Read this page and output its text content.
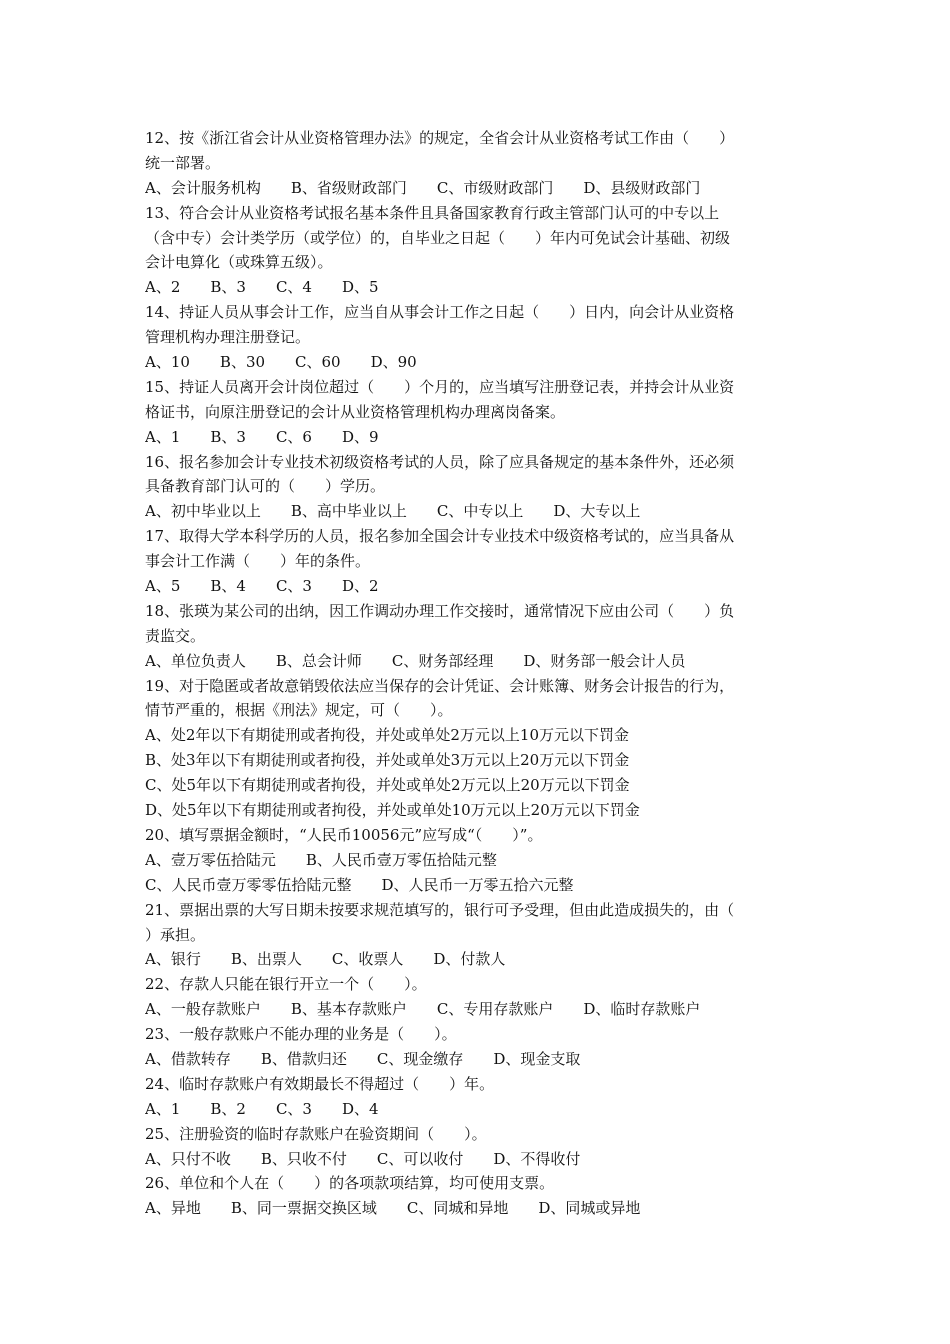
12、按《浙江省会计从业资格管理办法》的规定，全省会计从业资格考试工作由（　　）
统一部署。
A、会计服务机构　　B、省级财政部门　　C、市级财政部门　　D、县级财政部门
13、符合会计从业资格考试报名基本条件且具备国家教育行政主管部门认可的中专以上
（含中专）会计类学历（或学位）的，自毕业之日起（　　）年内可免试会计基础、初级
会计电算化（或珠算五级）。
A、2　　B、3　　C、4　　D、5
14、持证人员从事会计工作，应当自从事会计工作之日起（　　）日内，向会计从业资格
管理机构办理注册登记。
A、10　　B、30　　C、60　　D、90
15、持证人员离开会计岗位超过（　　）个月的，应当填写注册登记表，并持会计从业资
格证书，向原注册登记的会计从业资格管理机构办理离岗备案。
A、1　　B、3　　C、6　　D、9
16、报名参加会计专业技术初级资格考试的人员，除了应具备规定的基本条件外，还必须
具备教育部门认可的（　　）学历。
A、初中毕业以上　　B、高中毕业以上　　C、中专以上　　D、大专以上
17、取得大学本科学历的人员，报名参加全国会计专业技术中级资格考试的，应当具备从
事会计工作满（　　）年的条件。
A、5　　B、4　　C、3　　D、2
18、张瑛为某公司的出纳，因工作调动办理工作交接时，通常情况下应由公司（　　）负
责监交。
A、单位负责人　　B、总会计师　　C、财务部经理　　D、财务部一般会计人员
19、对于隐匿或者故意销毁依法应当保存的会计凭证、会计账簿、财务会计报告的行为，
情节严重的，根据《刑法》规定，可（　　）。
A、处2年以下有期徒刑或者拘役，并处或单处2万元以上10万元以下罚金
B、处3年以下有期徒刑或者拘役，并处或单处3万元以上20万元以下罚金
C、处5年以下有期徒刑或者拘役，并处或单处2万元以上20万元以下罚金
D、处5年以下有期徒刑或者拘役，并处或单处10万元以上20万元以下罚金
20、填写票据金额时，“人民币10056元”应写成“（　　）”。
A、壹万零伍拾陆元　　B、人民币壹万零伍拾陆元整
C、人民币壹万零零伍拾陆元整　　D、人民币一万零五拾六元整
21、票据出票的大写日期未按要求规范填写的，银行可予受理，但由此造成损失的，由（
）承担。
A、银行　　B、出票人　　C、收票人　　D、付款人
22、存款人只能在银行开立一个（　　）。
A、一般存款账户　　B、基本存款账户　　C、专用存款账户　　D、临时存款账户
23、一般存款账户不能办理的业务是（　　）。
A、借款转存　　B、借款归还　　C、现金缴存　　D、现金支取
24、临时存款账户有效期最长不得超过（　　）年。
A、1　　B、2　　C、3　　D、4
25、注册验资的临时存款账户在验资期间（　　）。
A、只付不收　　B、只收不付　　C、可以收付　　D、不得收付
26、单位和个人在（　　）的各项款项结算，均可使用支票。
A、异地　　B、同一票据交换区域　　C、同城和异地　　D、同城或异地
